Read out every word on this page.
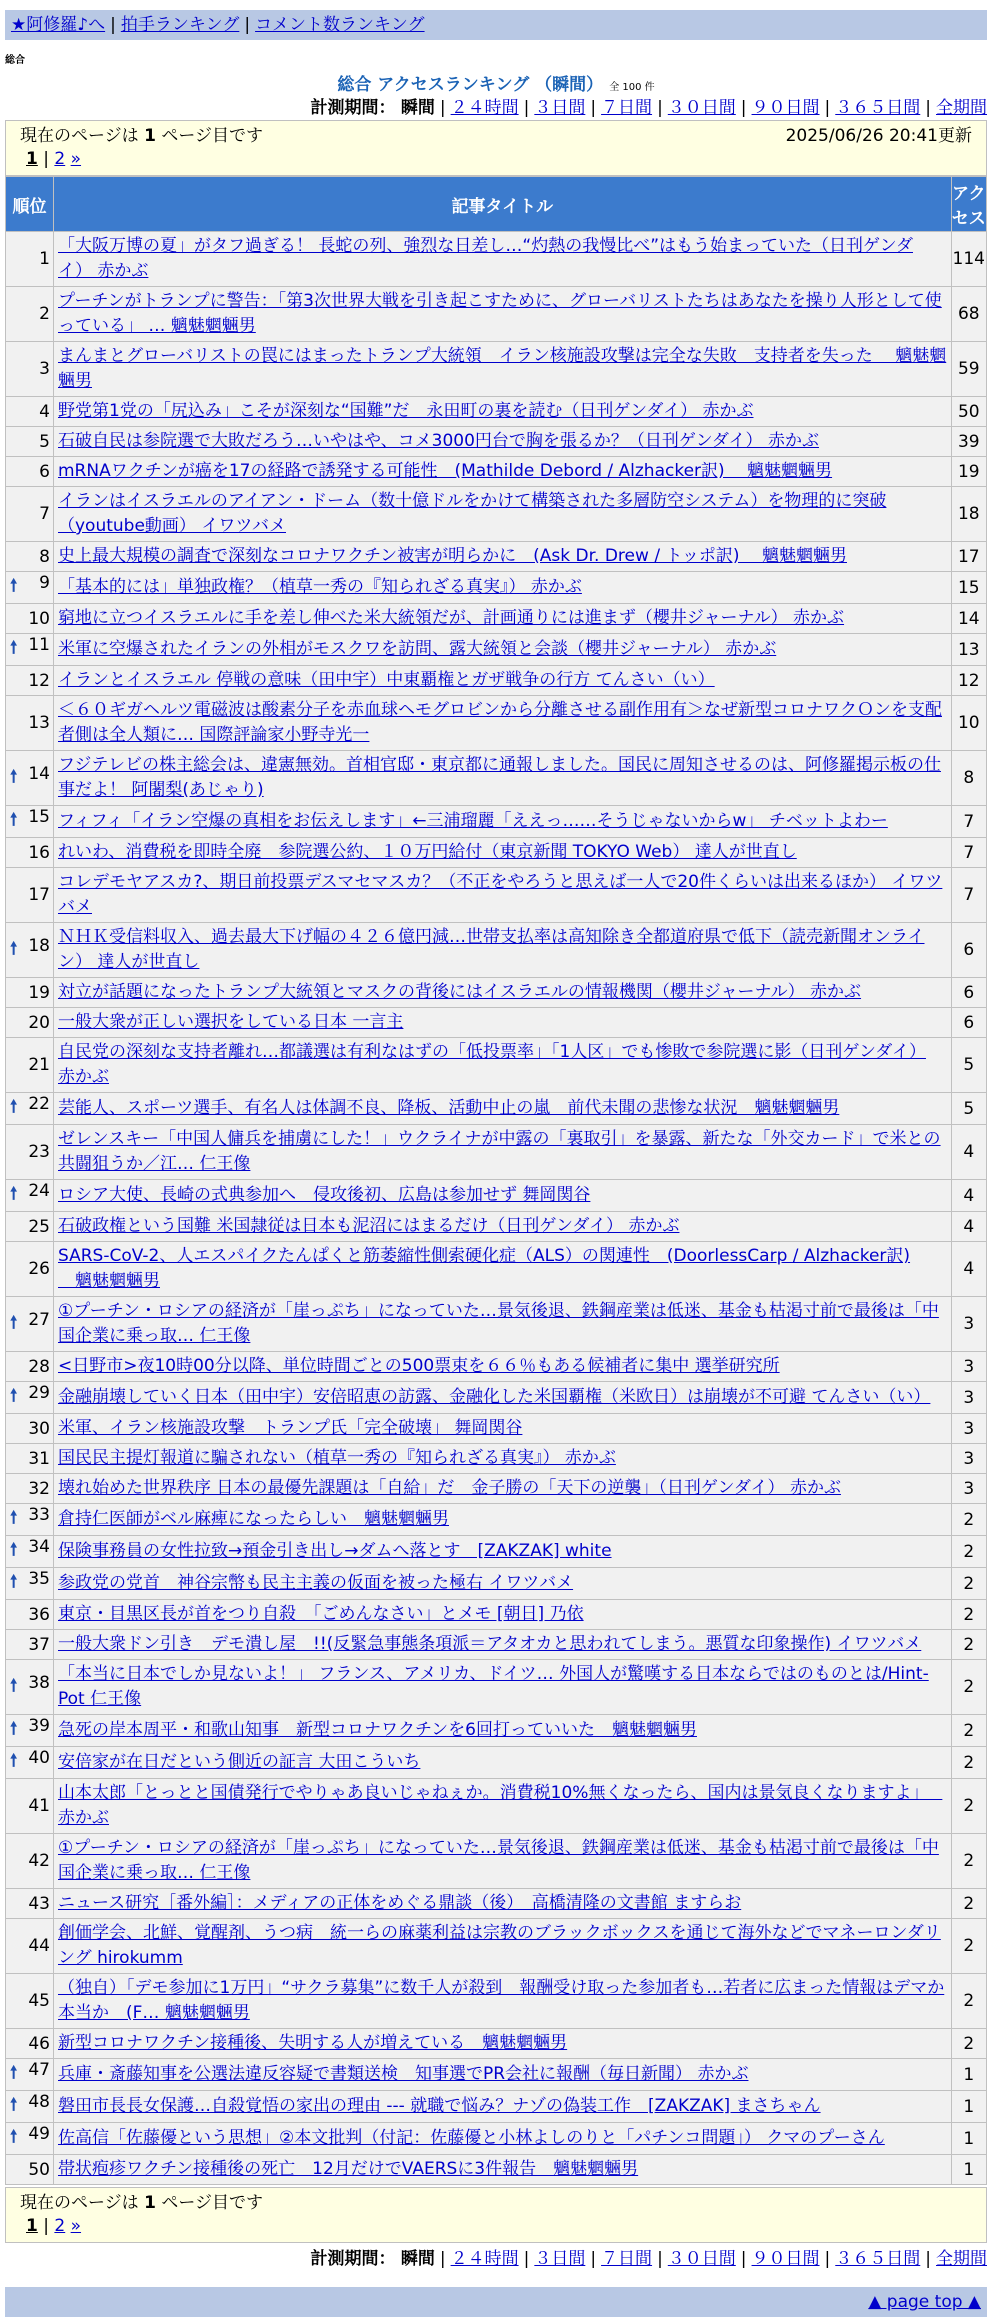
★阿修羅♪へ | 拍手ランキング | コメント数ランキング
総合
総合 アクセスランキング （瞬間） 全 100 件
計測期間： 瞬間 | ２４時間 | ３日間 | ７日間 | ３０日間 | ９０日間 | ３６５日間 | 全期間
現在のページは 1 ページ目です	2025/06/26 20:41更新
1 | 2 »
順位	記事タイトル	アクセス
1	「大阪万博の夏」がタフ過ぎる！ 長蛇の列、強烈な日差し…“灼熱の我慢比べ”はもう始まっていた（日刊ゲンダイ） 赤かぶ	114
2	プーチンがトランプに警告：「第3次世界大戦を引き起こすために、グローバリストたちはあなたを操り人形として使っている」 … 魑魅魍魎男	68
3	まんまとグローバリストの罠にはまったトランプ大統領　イラン核施設攻撃は完全な失敗　支持者を失った　 魑魅魍魎男	59
4	野党第1党の「尻込み」こそが深刻な“国難”だ　永田町の裏を読む（日刊ゲンダイ） 赤かぶ	50
5	石破自民は参院選で大敗だろう…いやはや、コメ3000円台で胸を張るか？（日刊ゲンダイ） 赤かぶ	39
6	mRNAワクチンが癌を17の経路で誘発する可能性　(Mathilde Debord / Alzhacker訳) 　魑魅魍魎男	19
7	イランはイスラエルのアイアン・ドーム（数十億ドルをかけて構築された多層防空システム）を物理的に突破（youtube動画） イワツバメ	18
8	史上最大規模の調査で深刻なコロナワクチン被害が明らかに　(Ask Dr. Drew / トッポ訳) 　魑魅魍魎男	17

🠕 9	「基本的には」単独政権？（植草一秀の『知られざる真実』） 赤かぶ	15
10	窮地に立つイスラエルに手を差し伸べた米大統領だが、計画通りには進まず（櫻井ジャーナル） 赤かぶ	14

🠕 11	米軍に空爆されたイランの外相がモスクワを訪問、露大統領と会談（櫻井ジャーナル） 赤かぶ	13
12	イランとイスラエル 停戦の意味（田中宇）中東覇権とガザ戦争の行方 てんさい（い）	12
13	＜６０ギガヘルツ電磁波は酸素分子を赤血球ヘモグロビンから分離させる副作用有＞なぜ新型コロナワクＯンを支配者側は全人類に… 国際評論家小野寺光一	10

🠕 14	フジテレビの株主総会は、違憲無効。首相官邸・東京都に通報しました。国民に周知させるのは、阿修羅掲示板の仕事だよ！ 阿闍梨(あじゃり)	8

🠕 15	フィフィ「イラン空爆の真相をお伝えします」←三浦瑠麗「ええっ……そうじゃないからw」 チベットよわー	7
16	れいわ、消費税を即時全廃　参院選公約、１０万円給付（東京新聞 TOKYO Web） 達人が世直し	7
17	コレデモヤアスカ?、期日前投票デスマセマスカ？（不正をやろうと思えば一人で20件くらいは出来るほか） イワツバメ	7

🠕 18	ＮＨＫ受信料収入、過去最大下げ幅の４２６億円減…世帯支払率は高知除き全都道府県で低下（読売新聞オンライン） 達人が世直し	6
19	対立が話題になったトランプ大統領とマスクの背後にはイスラエルの情報機関（櫻井ジャーナル） 赤かぶ	6
20	一般大衆が正しい選択をしている日本 一言主	6
21	自民党の深刻な支持者離れ…都議選は有利なはずの「低投票率」「1人区」でも惨敗で参院選に影（日刊ゲンダイ） 赤かぶ	5

🠕 22	芸能人、スポーツ選手、有名人は体調不良、降板、活動中止の嵐　前代未聞の悲惨な状況　魑魅魍魎男	5
23	ゼレンスキー「中国人傭兵を捕虜にした！」ウクライナが中露の「裏取引」を暴露、新たな「外交カード」で米との共闘狙うか／江… 仁王像	4

🠕 24	ロシア大使、長崎の式典参加へ　侵攻後初、広島は参加せず 舞岡関谷	4
25	石破政権という国難 米国隷従は日本も泥沼にはまるだけ（日刊ゲンダイ） 赤かぶ	4
26	SARS-CoV-2、人エスパイクたんぱくと筋萎縮性側索硬化症（ALS）の関連性　(DoorlessCarp / Alzhacker訳) 　魑魅魍魎男	4

🠕 27	①プーチン・ロシアの経済が「崖っぷち」になっていた…景気後退、鉄鋼産業は低迷、基金も枯渇寸前で最後は「中国企業に乗っ取… 仁王像	3
28	<日野市>夜10時00分以降、単位時間ごとの500票束を６６％もある候補者に集中 選挙研究所	3

🠕 29	金融崩壊していく日本（田中宇）安倍昭恵の訪露、金融化した米国覇権（米欧日）は崩壊が不可避 てんさい（い）	3
30	米軍、イラン核施設攻撃　トランプ氏「完全破壊」 舞岡関谷	3
31	国民民主提灯報道に騙されない（植草一秀の『知られざる真実』） 赤かぶ	3
32	壊れ始めた世界秩序 日本の最優先課題は「自給」だ　金子勝の「天下の逆襲」（日刊ゲンダイ） 赤かぶ	3

🠕 33	倉持仁医師がベル麻痺になったらしい　魑魅魍魎男	2

🠕 34	保険事務員の女性拉致→預金引き出し→ダムへ落とす　[ZAKZAK] white	2

🠕 35	参政党の党首　神谷宗幣も民主主義の仮面を被った極右 イワツバメ	2
36	東京・目黒区長が首をつり自殺　「ごめんなさい」とメモ [朝日] 乃依	2
37	一般大衆ドン引き　デモ潰し屋　!!(反緊急事態条項派＝アタオカと思われてしまう。悪質な印象操作) イワツバメ	2

🠕 38	「本当に日本でしか見ないよ！」 フランス、アメリカ、ドイツ… 外国人が驚嘆する日本ならではのものとは/Hint-Pot 仁王像	2

🠕 39	急死の岸本周平・和歌山知事　新型コロナワクチンを6回打っていいた　魑魅魍魎男	2

🠕 40	安倍家が在日だという側近の証言 大田こういち	2
41	山本太郎「とっとと国債発行でやりゃあ良いじゃねぇか。消費税10%無くなったら、国内は景気良くなりますよ」　 赤かぶ	2
42	①プーチン・ロシアの経済が「崖っぷち」になっていた…景気後退、鉄鋼産業は低迷、基金も枯渇寸前で最後は「中国企業に乗っ取… 仁王像	2
43	ニュース研究［番外編］：メディアの正体をめぐる鼎談（後）　高橋清隆の文書館 ますらお	2
44	創価学会、北鮮、覚醒剤、うつ病　統一らの麻薬利益は宗教のブラックボックスを通じて海外などでマネーロンダリング hirokumm	2
45	（独自）「デモ参加に1万円」“サクラ募集”に数千人が殺到　報酬受け取った参加者も…若者に広まった情報はデマか本当か　(F… 魑魅魍魎男	2
46	新型コロナワクチン接種後、失明する人が増えている　魑魅魍魎男	2

🠕 47	兵庫・斎藤知事を公選法違反容疑で書類送検　知事選でPR会社に報酬（毎日新聞） 赤かぶ	1

🠕 48	磐田市長長女保護…自殺覚悟の家出の理由 --- 就職で悩み？ナゾの偽装工作　[ZAKZAK] まさちゃん	1

🠕 49	佐高信「佐藤優という思想」②本文批判（付記：佐藤優と小林よしのりと「パチンコ問題」） クマのプーさん	1
50	帯状疱疹ワクチン接種後の死亡　12月だけでVAERSに3件報告　魑魅魍魎男	1
現在のページは 1 ページ目です
1 | 2 »
計測期間： 瞬間 | ２４時間 | ３日間 | ７日間 | ３０日間 | ９０日間 | ３６５日間 | 全期間
▲ page top ▲
